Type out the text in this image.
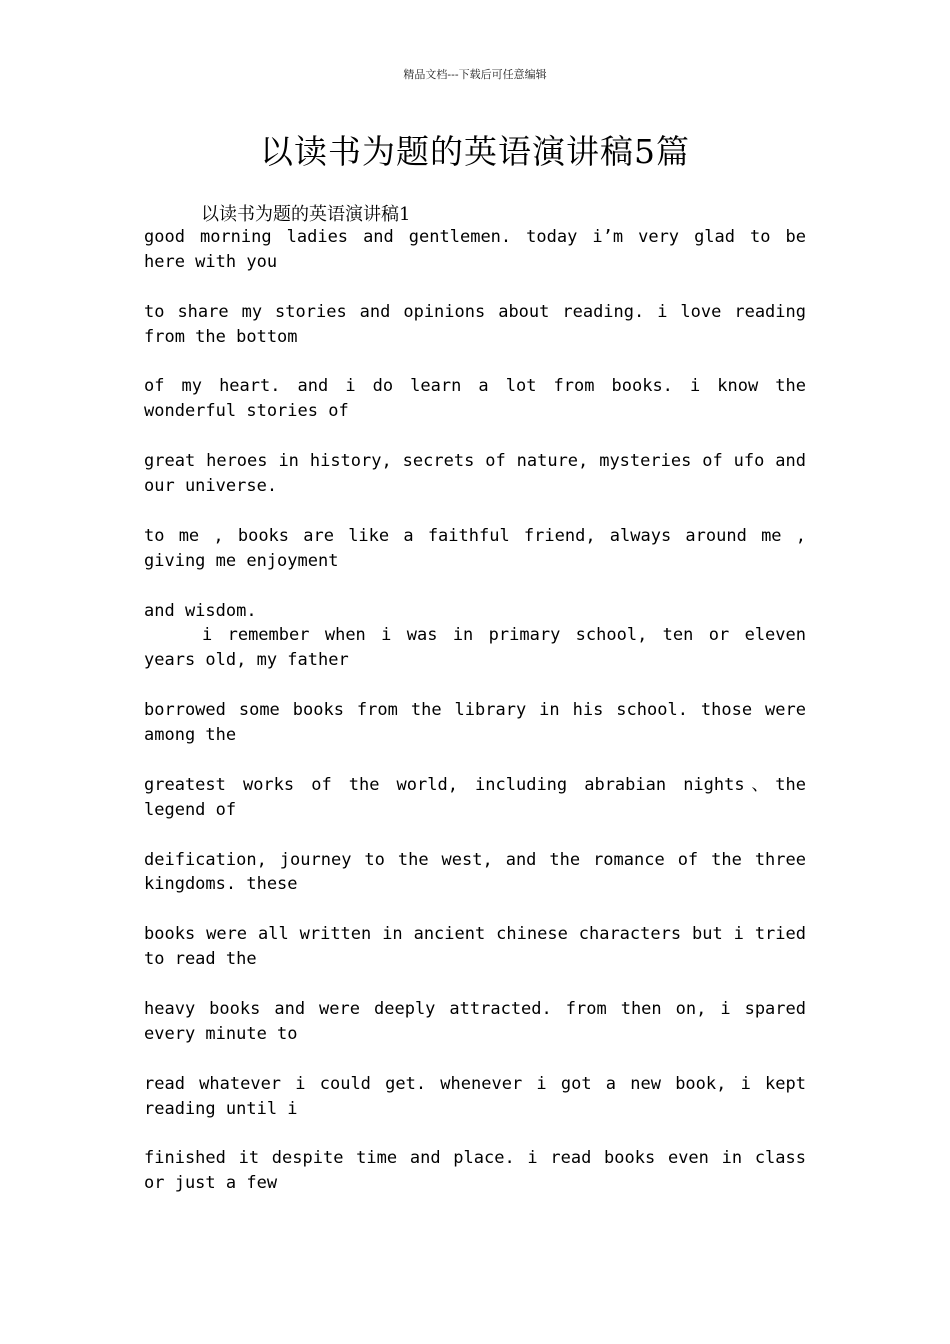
精品文档---下载后可任意编辑
以读书为题的英语演讲稿5篇
以读书为题的英语演讲稿1

good morning ladies and gentlemen. today i’m very glad to be here with you

to share my stories and opinions about reading. i love reading from the bottom

of my heart. and i do learn a lot from books. i know the wonderful stories of

great heroes in history, secrets of nature, mysteries of ufo and our universe.

to me , books are like a faithful friend, always around me , giving me enjoyment

and wisdom.

i remember when i was in primary school, ten or eleven years old, my father

borrowed some books from the library in his school. those were among the

greatest works of the world, including abrabian nights、the legend of

deification, journey to the west, and the romance of the three kingdoms. these

books were all written in ancient chinese characters but i tried to read the

heavy books and were deeply attracted. from then on, i spared every minute to

read whatever i could get. whenever i got a new book, i kept reading until i

finished it despite time and place. i read books even in class or just a few
